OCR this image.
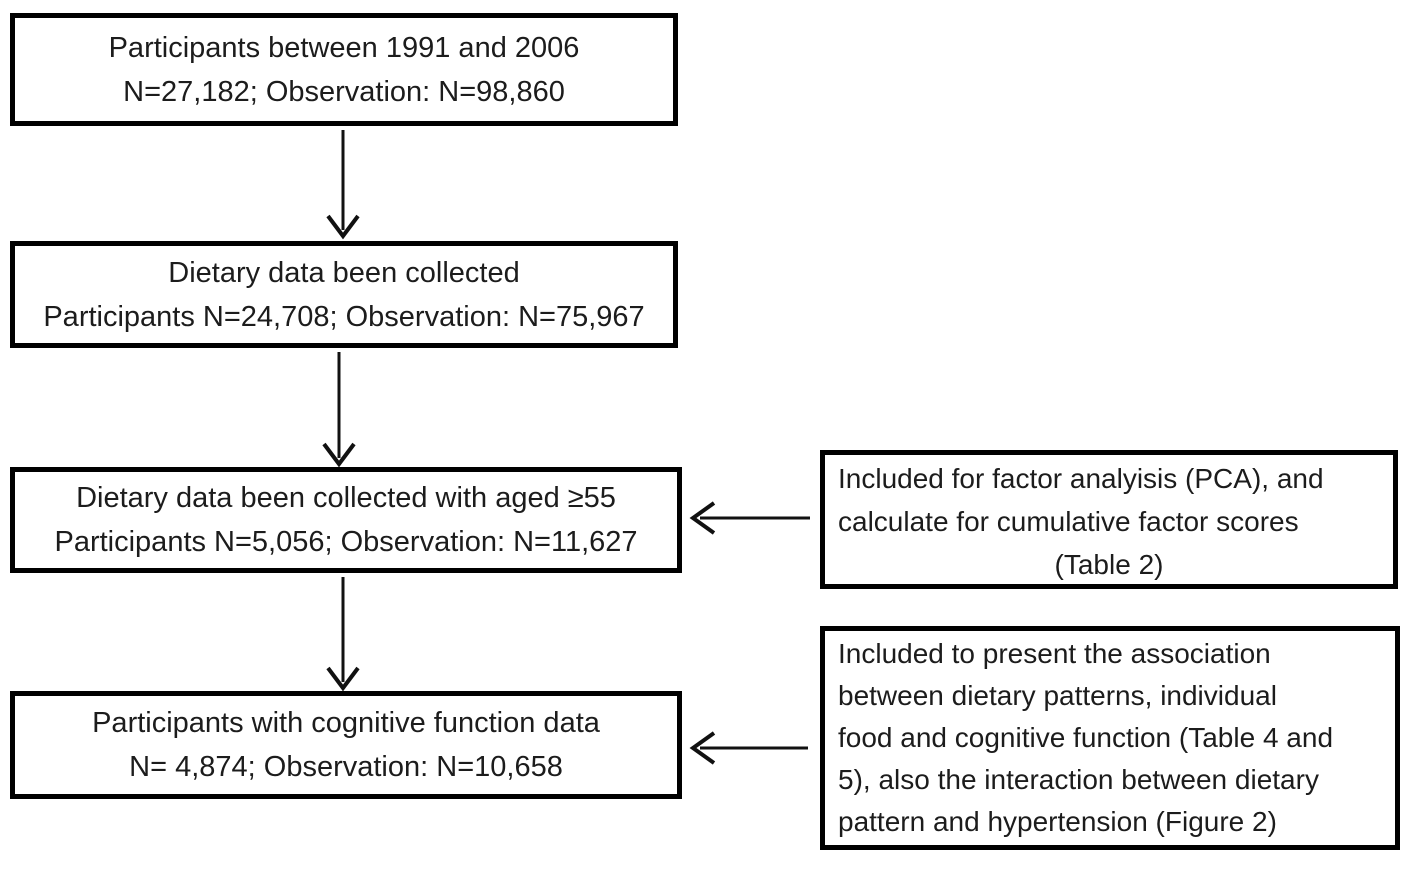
Participants between 1991 and 2006
N=27,182; Observation: N=98,860
Dietary data been collected
Participants N=24,708; Observation: N=75,967
Dietary data been collected with aged ≥55
Participants N=5,056; Observation: N=11,627
Participants with cognitive function data
N= 4,874; Observation: N=10,658
Included for factor analyisis (PCA), and
calculate for cumulative factor scores
(Table 2)
Included to present the association
between dietary patterns, individual
food and cognitive function (Table 4 and
5), also the interaction between dietary
pattern and hypertension (Figure 2)
